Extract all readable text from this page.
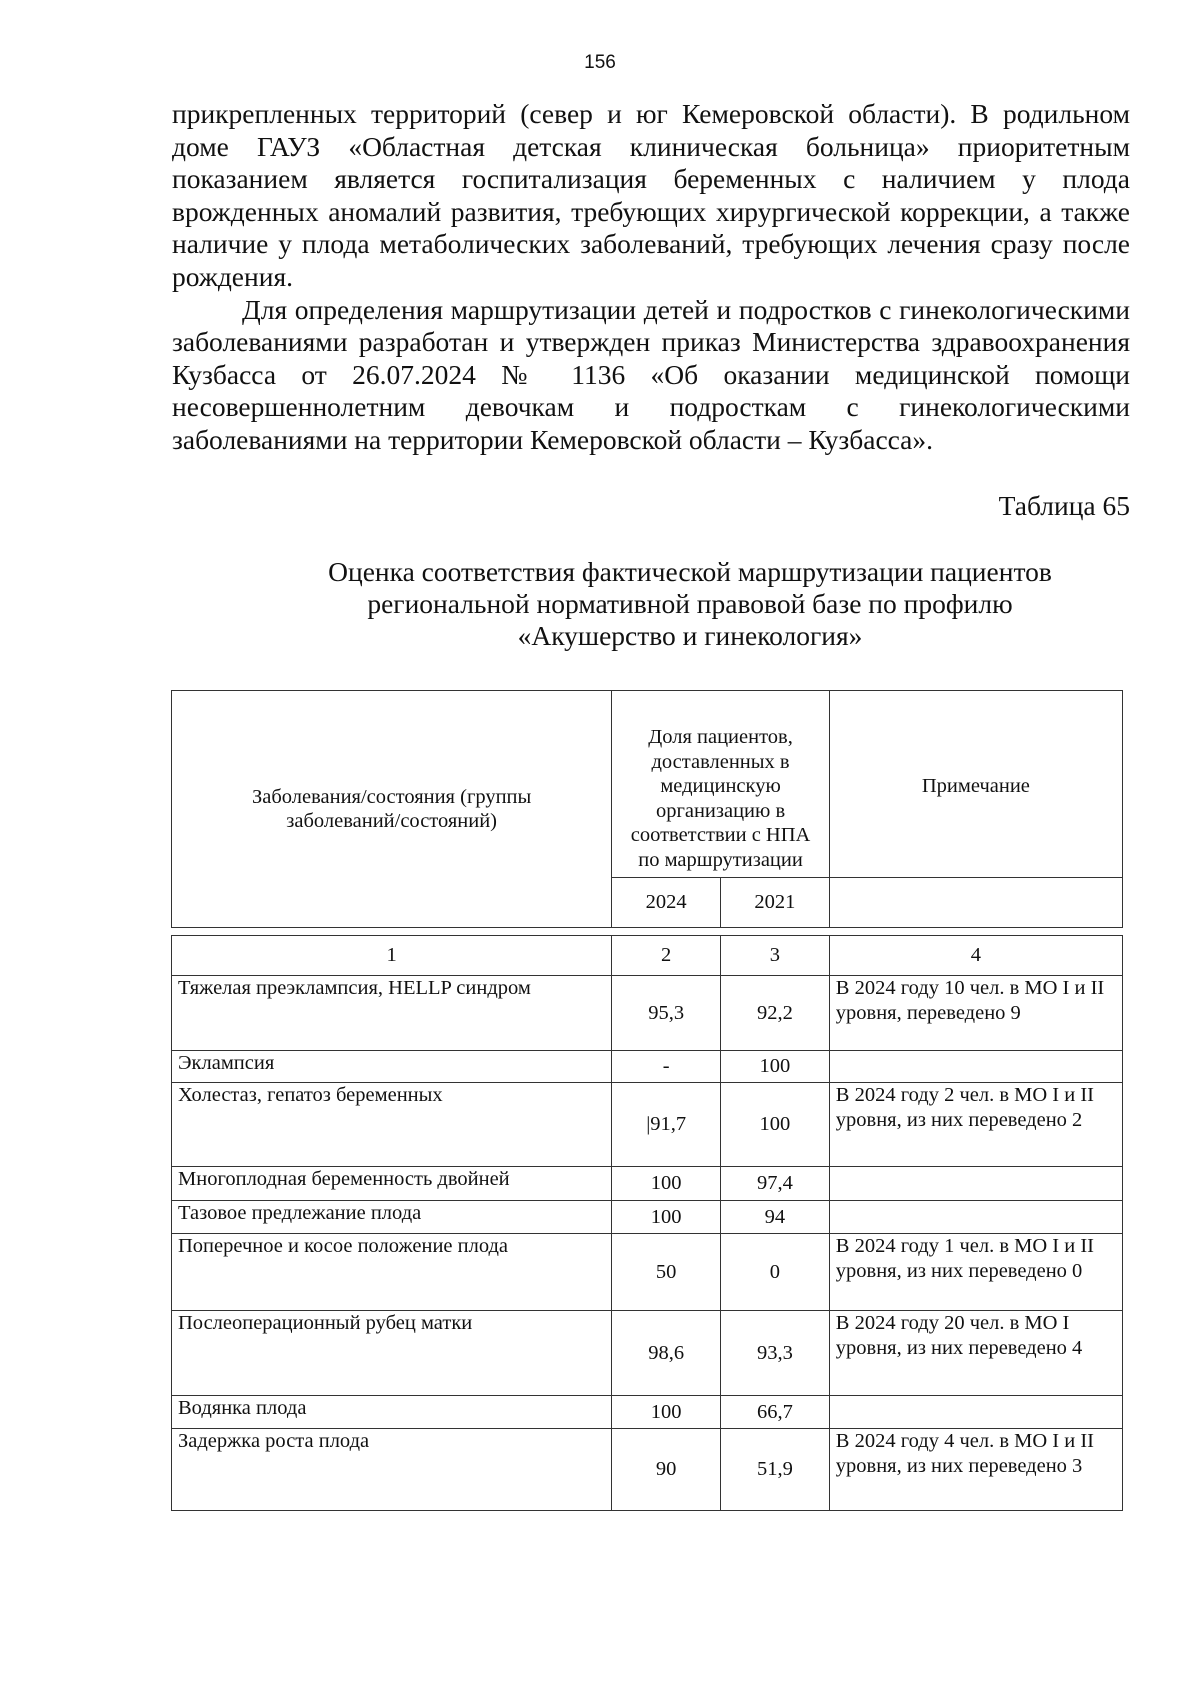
156

прикрепленных территорий (север и юг Кемеровской области). В родильном доме ГАУЗ «Областная детская клиническая больница» приоритетным показанием является госпитализация беременных с наличием у плода врожденных аномалий развития, требующих хирургической коррекции, а также наличие у плода метаболических заболеваний, требующих лечения сразу после рождения.

Для определения маршрутизации детей и подростков с гинекологическими заболеваниями разработан и утвержден приказ Министерства здравоохранения Кузбасса от 26.07.2024 № 1136 «Об оказании медицинской помощи несовершеннолетним девочкам и подросткам с гинекологическими заболеваниями на территории Кемеровской области – Кузбасса».

Таблица 65
Оценка соответствия фактической маршрутизации пациентов
региональной нормативной правовой базе по профилю
«Акушерство и гинекология»
Заболевания/состояния (группы заболеваний/состояний)	Доля пациентов, доставленных в медицинскую организацию в соответствии с НПА по маршрутизации		Примечание
	2024	2021	
1	2	3	4
Тяжелая преэклампсия, HELLP синдром	95,3	92,2	В 2024 году 10 чел. в МО I и II уровня, переведено 9
Эклампсия	-	100	
Холестаз, гепатоз беременных	|91,7	100	В 2024 году 2 чел. в МО I и II уровня, из них переведено 2
Многоплодная беременность двойней	100	97,4	
Тазовое предлежание плода	100	94	
Поперечное и косое положение плода	50	0	В 2024 году 1 чел. в МО I и II уровня, из них переведено 0
Послеоперационный рубец матки	98,6	93,3	В 2024 году 20 чел. в МО I уровня, из них переведено 4
Водянка плода	100	66,7	
Задержка роста плода	90	51,9	В 2024 году 4 чел. в МО I и II уровня, из них переведено 3
